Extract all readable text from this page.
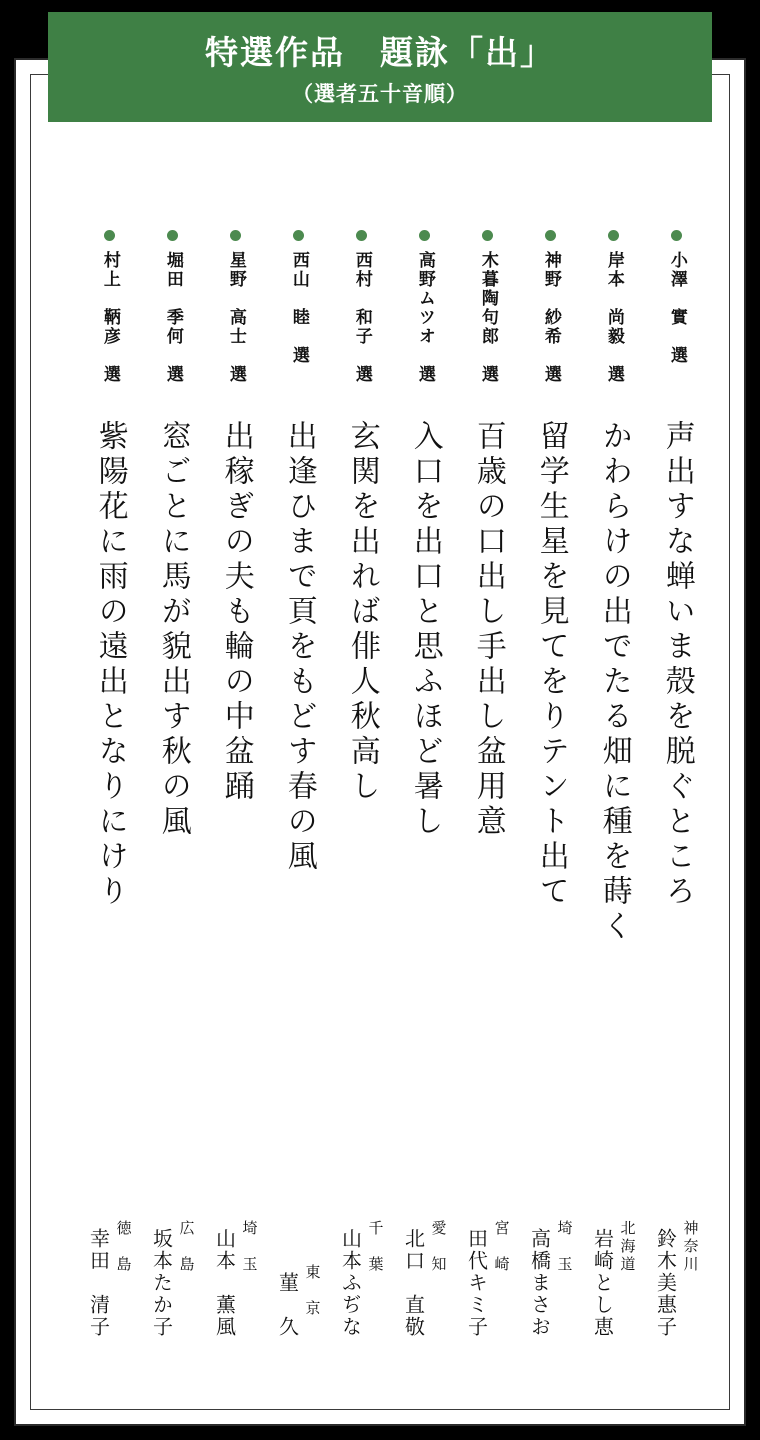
小澤　實　選
声出すな蝉いま殻を脱ぐところ
鈴木美惠子 神奈川
岸本　尚毅　選
かわらけの出でたる畑に種を蒔く
岩崎とし恵 北海道
神野　紗希　選
留学生星を見てをりテント出て
高橋まさお 埼　玉
木暮陶句郎　選
百歳の口出し手出し盆用意
田代キミ子 宮　崎
高野ムツオ　選
入口を出口と思ふほど暑し
北口　直敬 愛　知
西村　和子　選
玄関を出れば俳人秋高し
山本ふぢな 千　葉
西山　睦　選
出逢ひまで頁をもどす春の風
菫　久 東　京
星野　高士　選
出稼ぎの夫も輪の中盆踊
山本　薫風 埼　玉
堀田　季何　選
窓ごとに馬が貌出す秋の風
坂本たか子 広　島
村上　鞆彦　選
紫陽花に雨の遠出となりにけり
幸田　清子 徳　島
特選作品　題詠「出」
（選者五十音順）
